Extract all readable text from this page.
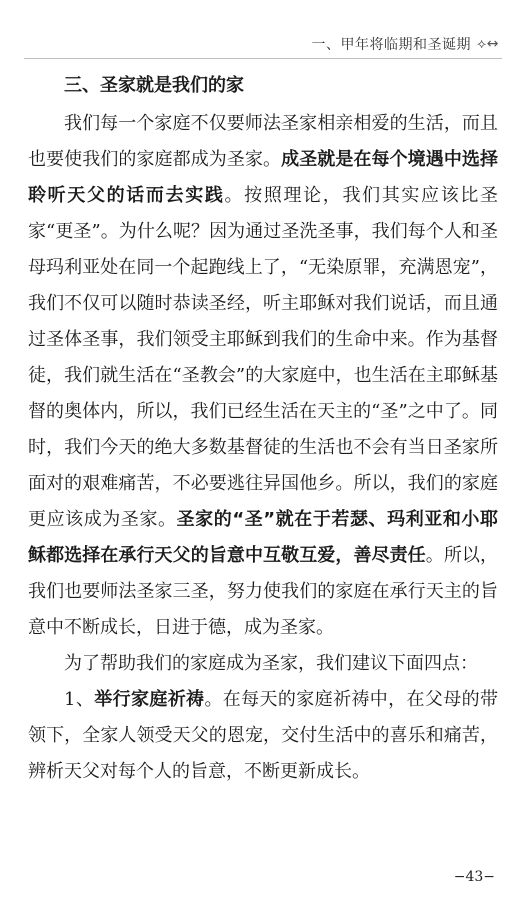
一、甲年将临期和圣诞期 ⟡↔
三、圣家就是我们的家

我们每一个家庭不仅要师法圣家相亲相爱的生活，而且也要使我们的家庭都成为圣家。成圣就是在每个境遇中选择聆听天父的话而去实践。按照理论，我们其实应该比圣家“更圣”。为什么呢？因为通过圣洗圣事，我们每个人和圣母玛利亚处在同一个起跑线上了，“无染原罪，充满恩宠”，我们不仅可以随时恭读圣经，听主耶稣对我们说话，而且通过圣体圣事，我们领受主耶稣到我们的生命中来。作为基督徒，我们就生活在“圣教会”的大家庭中，也生活在主耶稣基督的奥体内，所以，我们已经生活在天主的“圣”之中了。同时，我们今天的绝大多数基督徒的生活也不会有当日圣家所面对的艰难痛苦，不必要逃往异国他乡。所以，我们的家庭更应该成为圣家。圣家的“圣”就在于若瑟、玛利亚和小耶稣都选择在承行天父的旨意中互敬互爱，善尽责任。所以，我们也要师法圣家三圣，努力使我们的家庭在承行天主的旨意中不断成长，日进于德，成为圣家。

为了帮助我们的家庭成为圣家，我们建议下面四点：

1、举行家庭祈祷。在每天的家庭祈祷中，在父母的带领下，全家人领受天父的恩宠，交付生活中的喜乐和痛苦，辨析天父对每个人的旨意，不断更新成长。

−43−
